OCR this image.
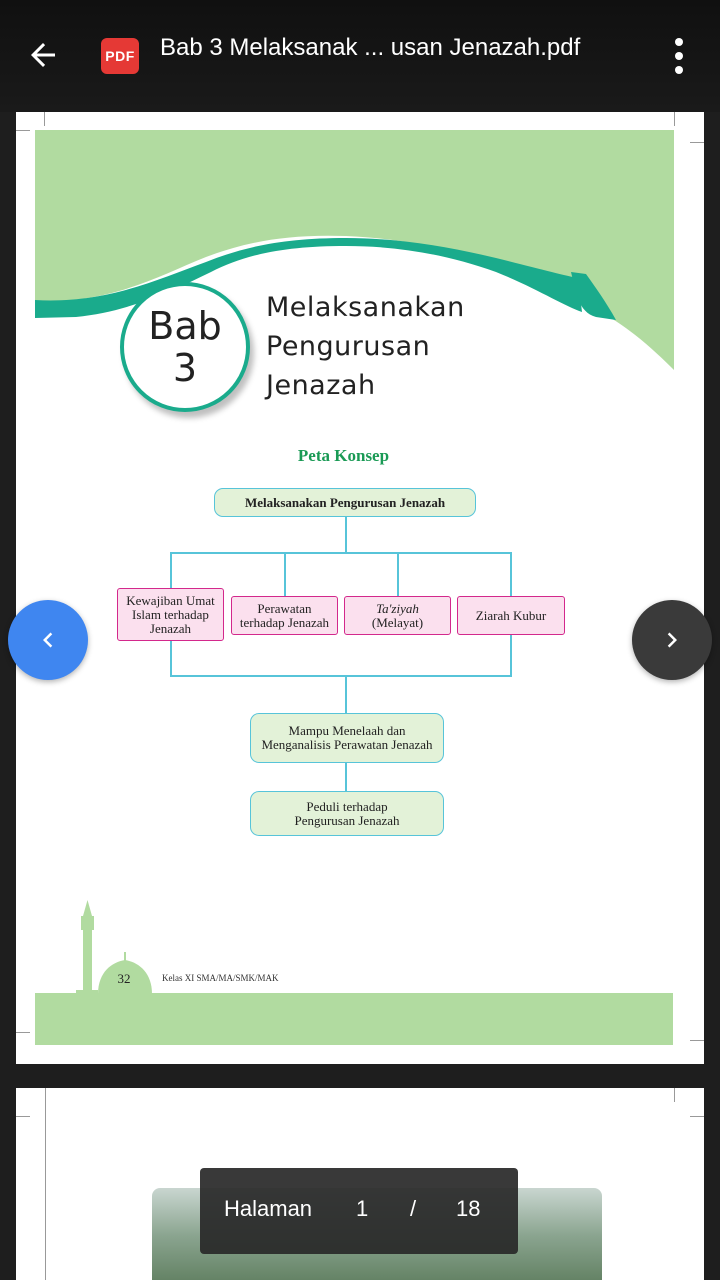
PDF Bab 3 Melaksanak ... usan Jenazah.pdf
Bab
3
Melaksanakan
Pengurusan
Jenazah
Peta Konsep
Melaksanakan Pengurusan Jenazah
Kewajiban Umat
Islam terhadap
Jenazah
Perawatan
terhadap Jenazah
Ta'ziyah
(Melayat)	Ziarah Kubur
Mampu Menelaah dan
Menganalisis Perawatan Jenazah
Peduli terhadap
Pengurusan Jenazah
32	Kelas XI SMA/MA/SMK/MAK
Halaman 1 / 18
